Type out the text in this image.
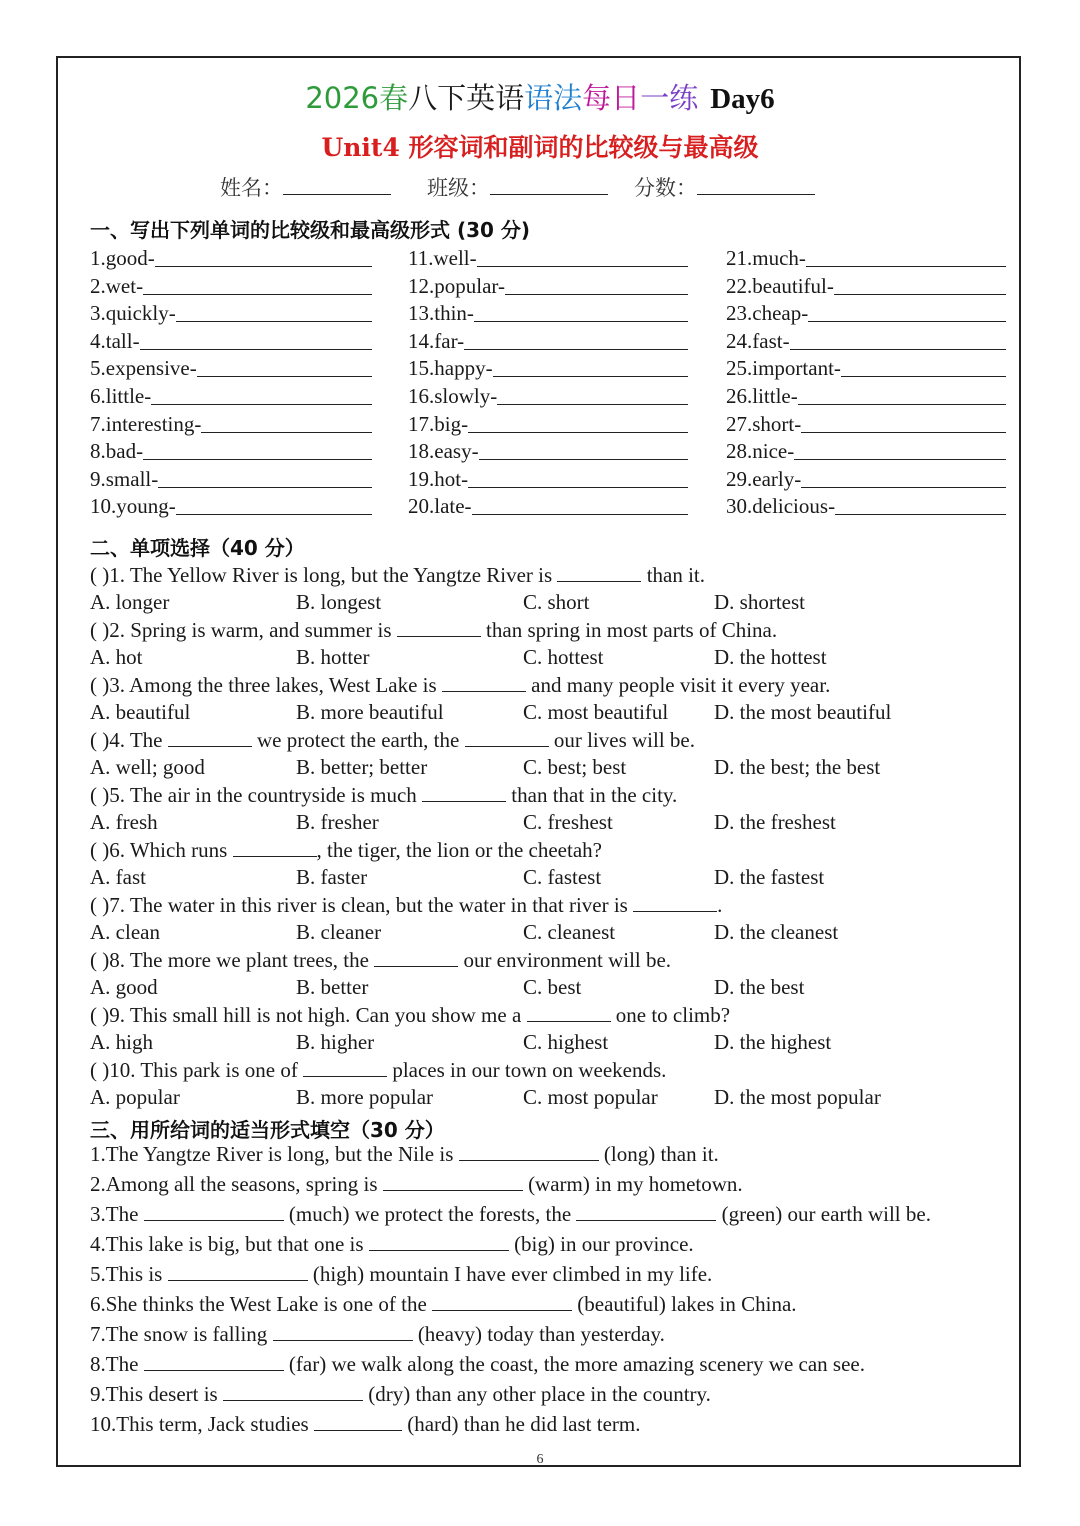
2026春八下英语语法每日一练 Day6
Unit4 形容词和副词的比较级与最高级
姓名：	班级：	分数：
一、写出下列单词的比较级和最高级形式 (30 分)
1.good-
2.wet-
3.quickly-
4.tall-
5.expensive-
6.little-
7.interesting-
8.bad-
9.small-
10.young-
11.well-
12.popular-
13.thin-
14.far-
15.happy-
16.slowly-
17.big-
18.easy-
19.hot-
20.late-
21.much-
22.beautiful-
23.cheap-
24.fast-
25.important-
26.little-
27.short-
28.nice-
29.early-
30.delicious-
二、单项选择（40 分）
( )1. The Yellow River is long, but the Yangtze River is	than it.
A. longer	B. longest	C. short	D. shortest
( )2. Spring is warm, and summer is	than spring in most parts of China.
A. hot	B. hotter	C. hottest	D. the hottest
( )3. Among the three lakes, West Lake is	and many people visit it every year.
A. beautiful	B. more beautiful	C. most beautiful D. the most beautiful
( )4. The	we protect the earth, the	our lives will be.
A. well; good	B. better; better	C. best; best	D. the best; the best
( )5. The air in the countryside is much	than that in the city.
A. fresh	B. fresher	C. freshest	D. the freshest
( )6. Which runs	, the tiger, the lion or the cheetah?
A. fast	B. faster	C. fastest	D. the fastest
( )7. The water in this river is clean, but the water in that river is	.
A. clean	B. cleaner	C. cleanest	D. the cleanest
( )8. The more we plant trees, the	our environment will be.
A. good	B. better	C. best	D. the best
( )9. This small hill is not high. Can you show me a	one to climb?
A. high	B. higher	C. highest	D. the highest
( )10. This park is one of	places in our town on weekends.
A. popular	B. more popular	C. most popular	D. the most popular
三、用所给词的适当形式填空（30 分）
1.The Yangtze River is long, but the Nile is	(long) than it.
2.Among all the seasons, spring is	(warm) in my hometown.
3.The	(much) we protect the forests, the	(green) our earth will be.
4.This lake is big, but that one is	(big) in our province.
5.This is	(high) mountain I have ever climbed in my life.
6.She thinks the West Lake is one of the	(beautiful) lakes in China.
7.The snow is falling	(heavy) today than yesterday.
8.The	(far) we walk along the coast, the more amazing scenery we can see.
9.This desert is	(dry) than any other place in the country.
10.This term, Jack studies	(hard) than he did last term.
6
